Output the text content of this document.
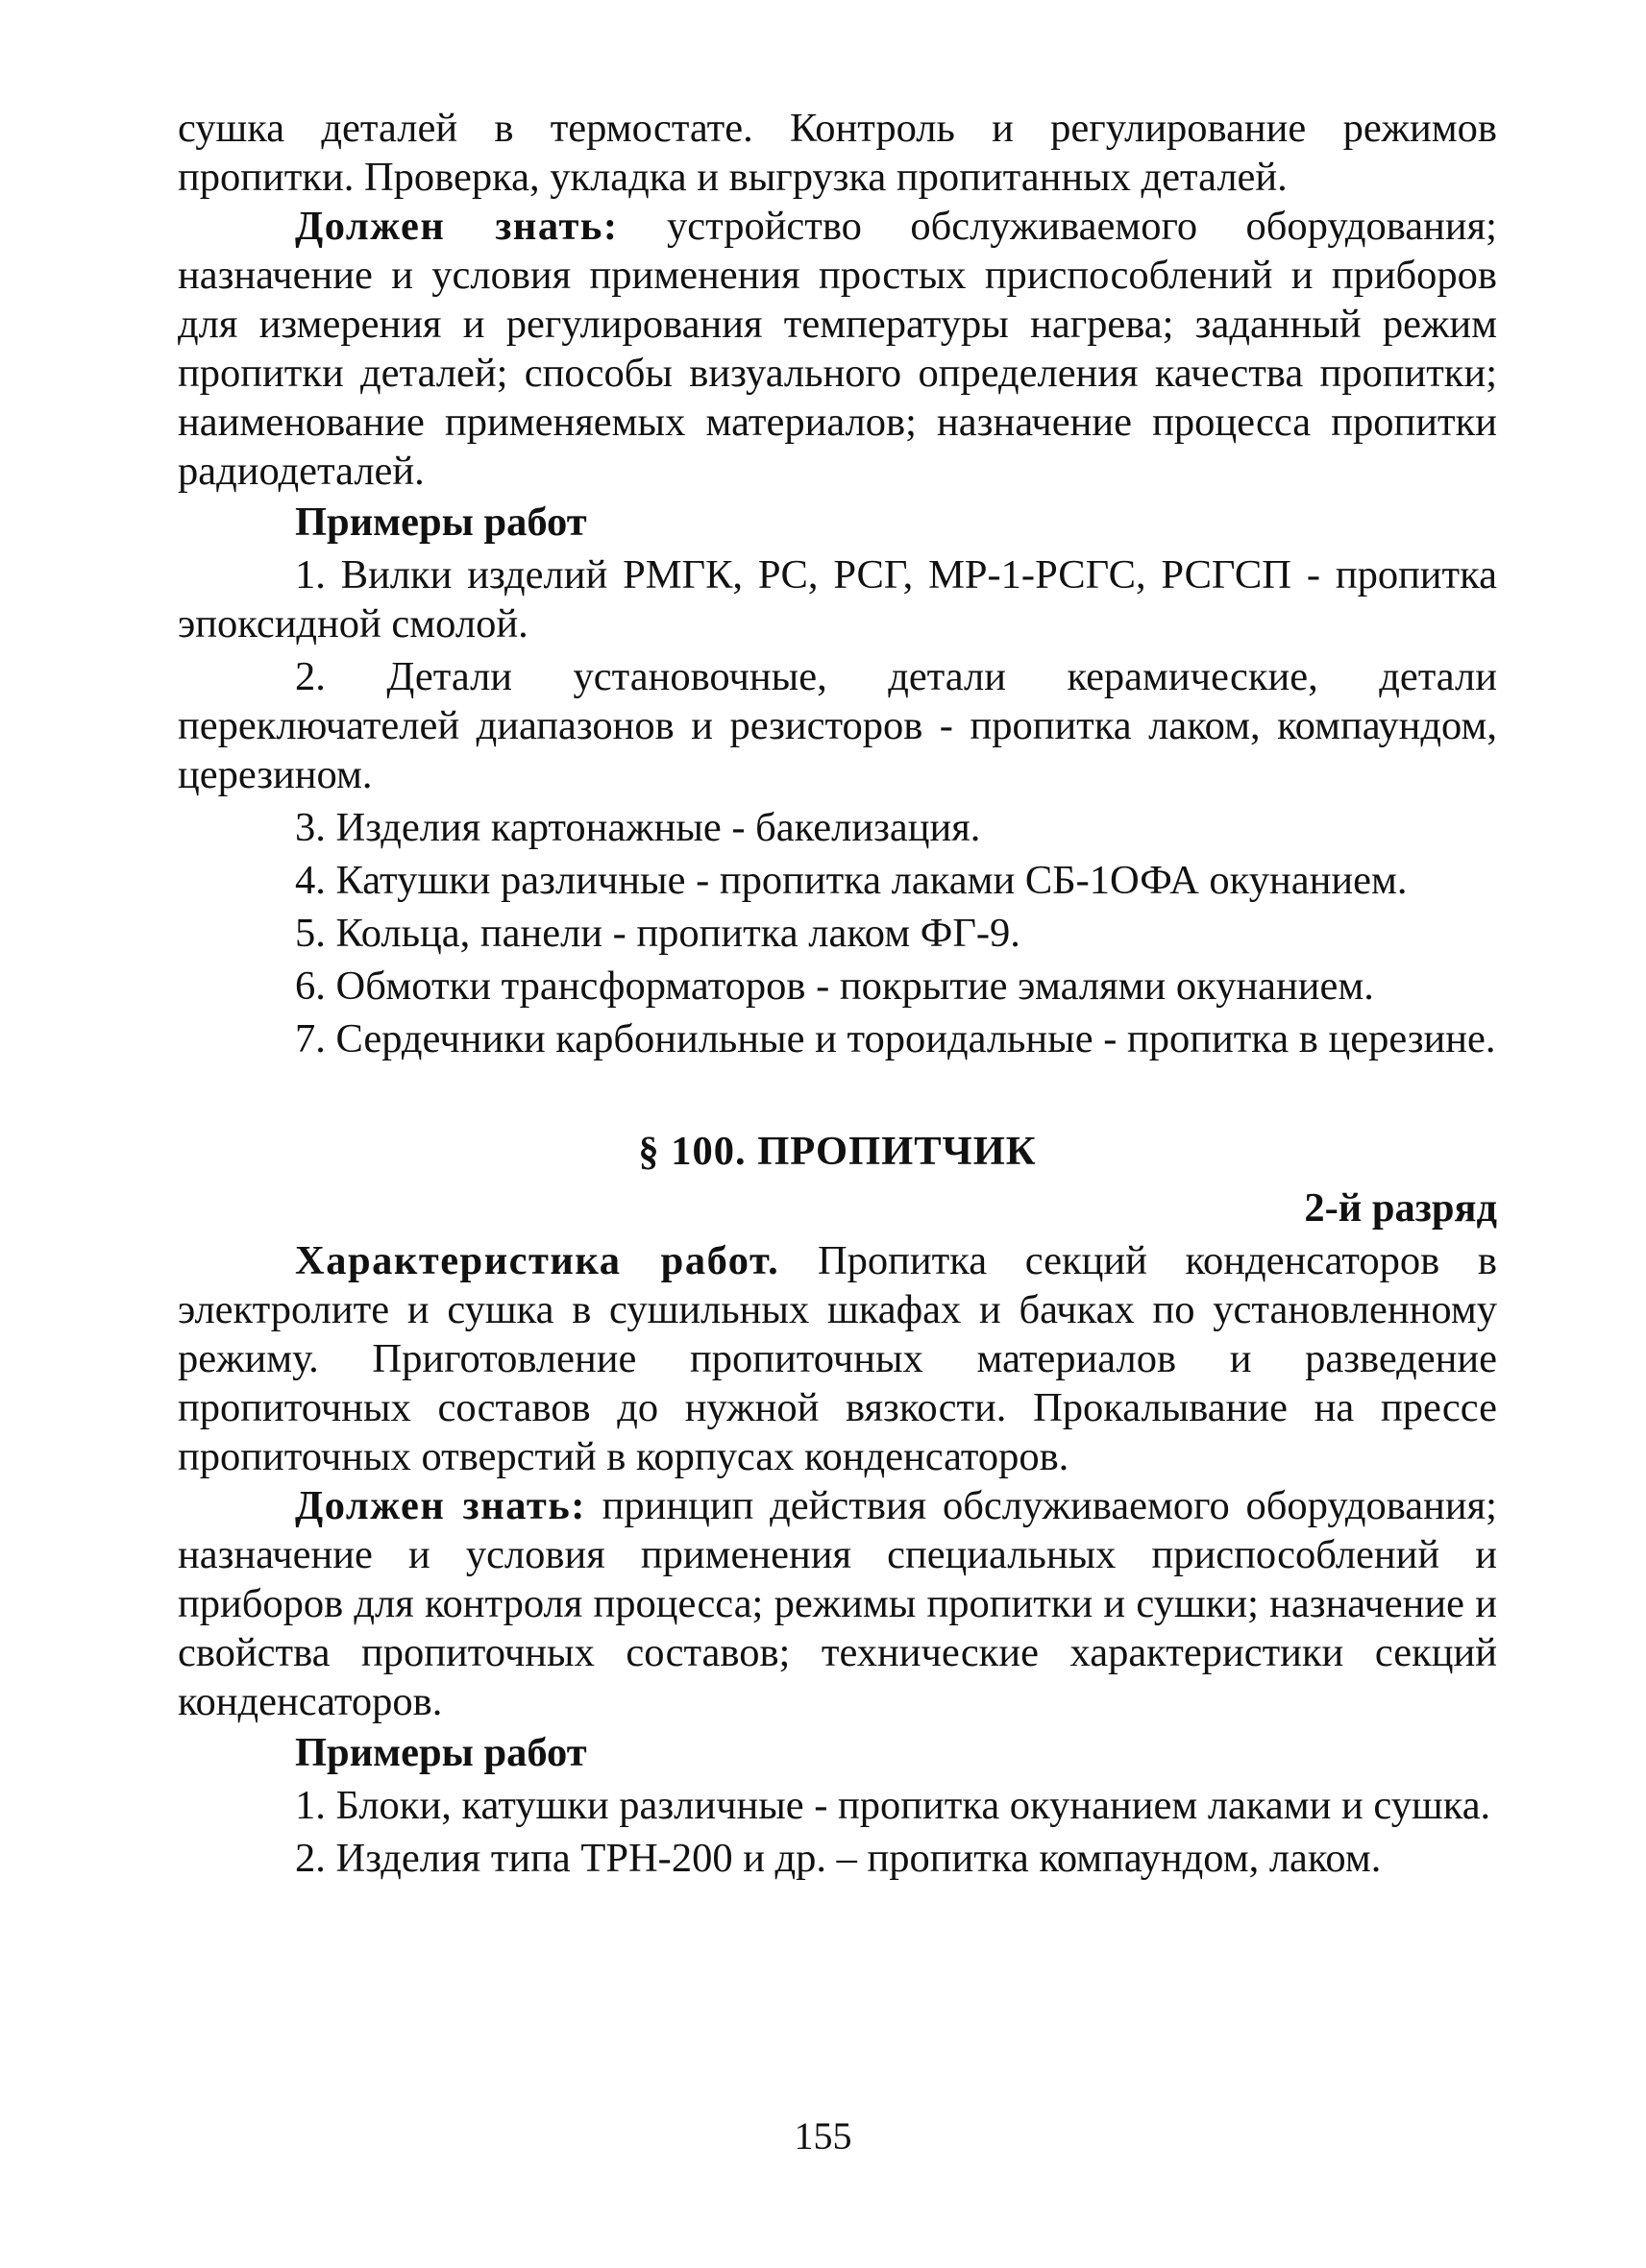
сушка деталей в термостате. Контроль и регулирование режимов пропитки. Проверка, укладка и выгрузка пропитанных деталей.

Должен знать: устройство обслуживаемого оборудования; назначение и условия применения простых приспособлений и приборов для измерения и регулирования температуры нагрева; заданный режим пропитки деталей; способы визуального определения качества пропитки; наименование применяемых материалов; назначение процесса пропитки радиодеталей.

Примеры работ

1. Вилки изделий РМГК, PC, РСГ, МР-1-РСГС, РСГСП - пропитка эпоксидной смолой.

2. Детали установочные, детали керамические, детали переключателей диапазонов и резисторов - пропитка лаком, компаундом, церезином.

3. Изделия картонажные - бакелизация.

4. Катушки различные - пропитка лаками СБ-1ОФА окунанием.

5. Кольца, панели - пропитка лаком ФГ-9.

6. Обмотки трансформаторов - покрытие эмалями окунанием.

7. Сердечники карбонильные и тороидальные - пропитка в церезине.

§ 100. ПРОПИТЧИК

2-й разряд

Характеристика работ. Пропитка секций конденсаторов в электролите и сушка в сушильных шкафах и бачках по установленному режиму. Приготовление пропиточных материалов и разведение пропиточных составов до нужной вязкости. Прокалывание на прессе пропиточных отверстий в корпусах конденсаторов.

Должен знать: принцип действия обслуживаемого оборудования; назначение и условия применения специальных приспособлений и приборов для контроля процесса; режимы пропитки и сушки; назначение и свойства пропиточных составов; технические характеристики секций конденсаторов.

Примеры работ

1. Блоки, катушки различные - пропитка окунанием лаками и сушка.

2. Изделия типа ТРН-200 и др. – пропитка компаундом, лаком.

155
